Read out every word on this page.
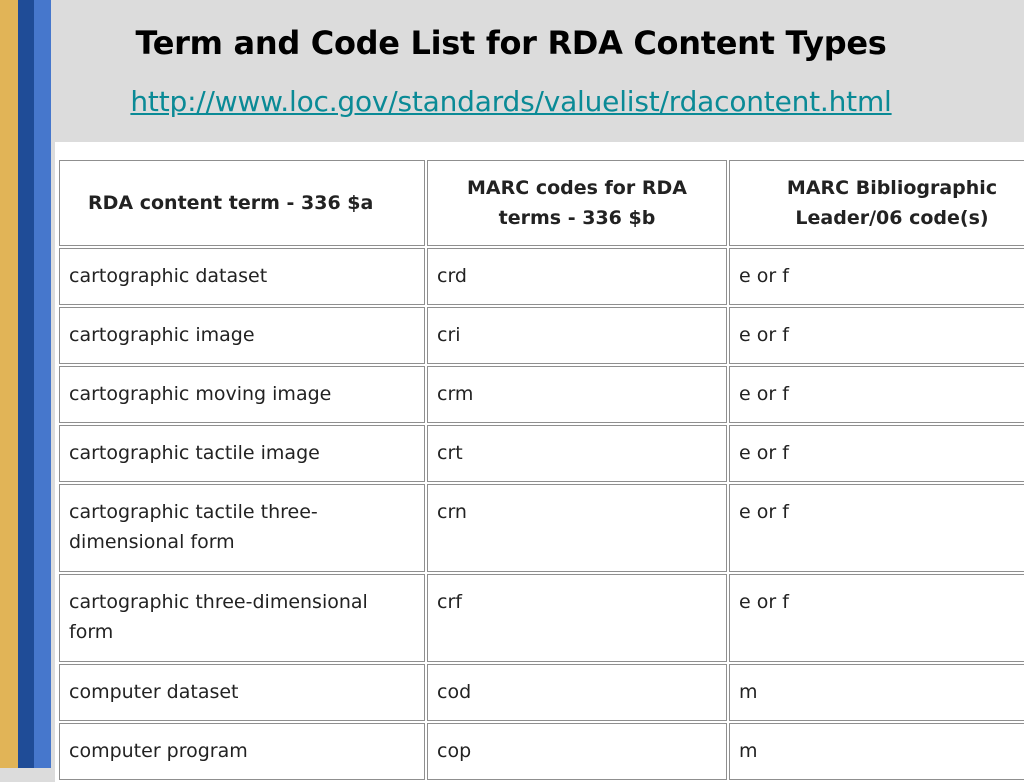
Term and Code List for RDA Content Types
http://www.loc.gov/standards/valuelist/rdacontent.html
RDA content term - 336 $a	MARC codes for RDA terms - 336 $b	MARC Bibliographic Leader/06 code(s)
cartographic dataset	crd	e or f
cartographic image	cri	e or f
cartographic moving image	crm	e or f
cartographic tactile image	crt	e or f
cartographic tactile three-dimensional form	crn	e or f
cartographic three-dimensional form	crf	e or f
computer dataset	cod	m
computer program	cop	m
